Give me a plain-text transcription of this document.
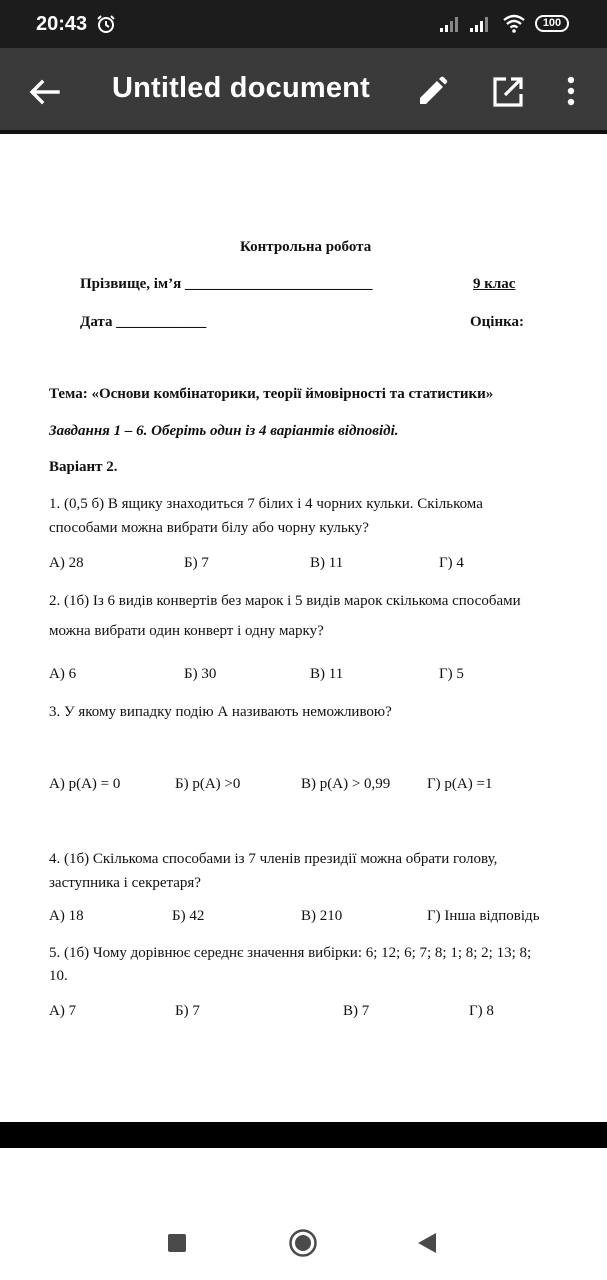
20:43	100
Untitled document
Контрольна робота
Прізвище, ім’я _________________________	9 клас
Дата ____________	Оцінка:
Тема: «Основи комбінаторики, теорії ймовірності та статистики»
Завдання 1 – 6. Оберіть один із 4 варіантів відповіді.
Варіант 2.
1. (0,5 б) В ящику знаходиться 7 білих і 4 чорних кульки. Скількома
способами можна вибрати білу або чорну кульку?
А) 28	Б) 7	В) 11	Г) 4
2. (1б) Із 6 видів конвертів без марок і 5 видів марок скількома способами
можна вибрати один конверт і одну марку?
А) 6	Б) 30	В) 11	Г) 5
3. У якому випадку подію А називають неможливою?
А) p(A) = 0	Б) p(A) >0	В) p(A) > 0,99 Г) p(A) =1
4. (1б) Скількома способами із 7 членів президії можна обрати голову,
заступника і секретаря?
А) 18	Б) 42	В) 210	Г) Інша відповідь
5. (1б) Чому дорівнює середнє значення вибірки: 6; 12; 6; 7; 8; 1; 8; 2; 13; 8;
10.
А) 7	Б) 7	В) 7	Г) 8
